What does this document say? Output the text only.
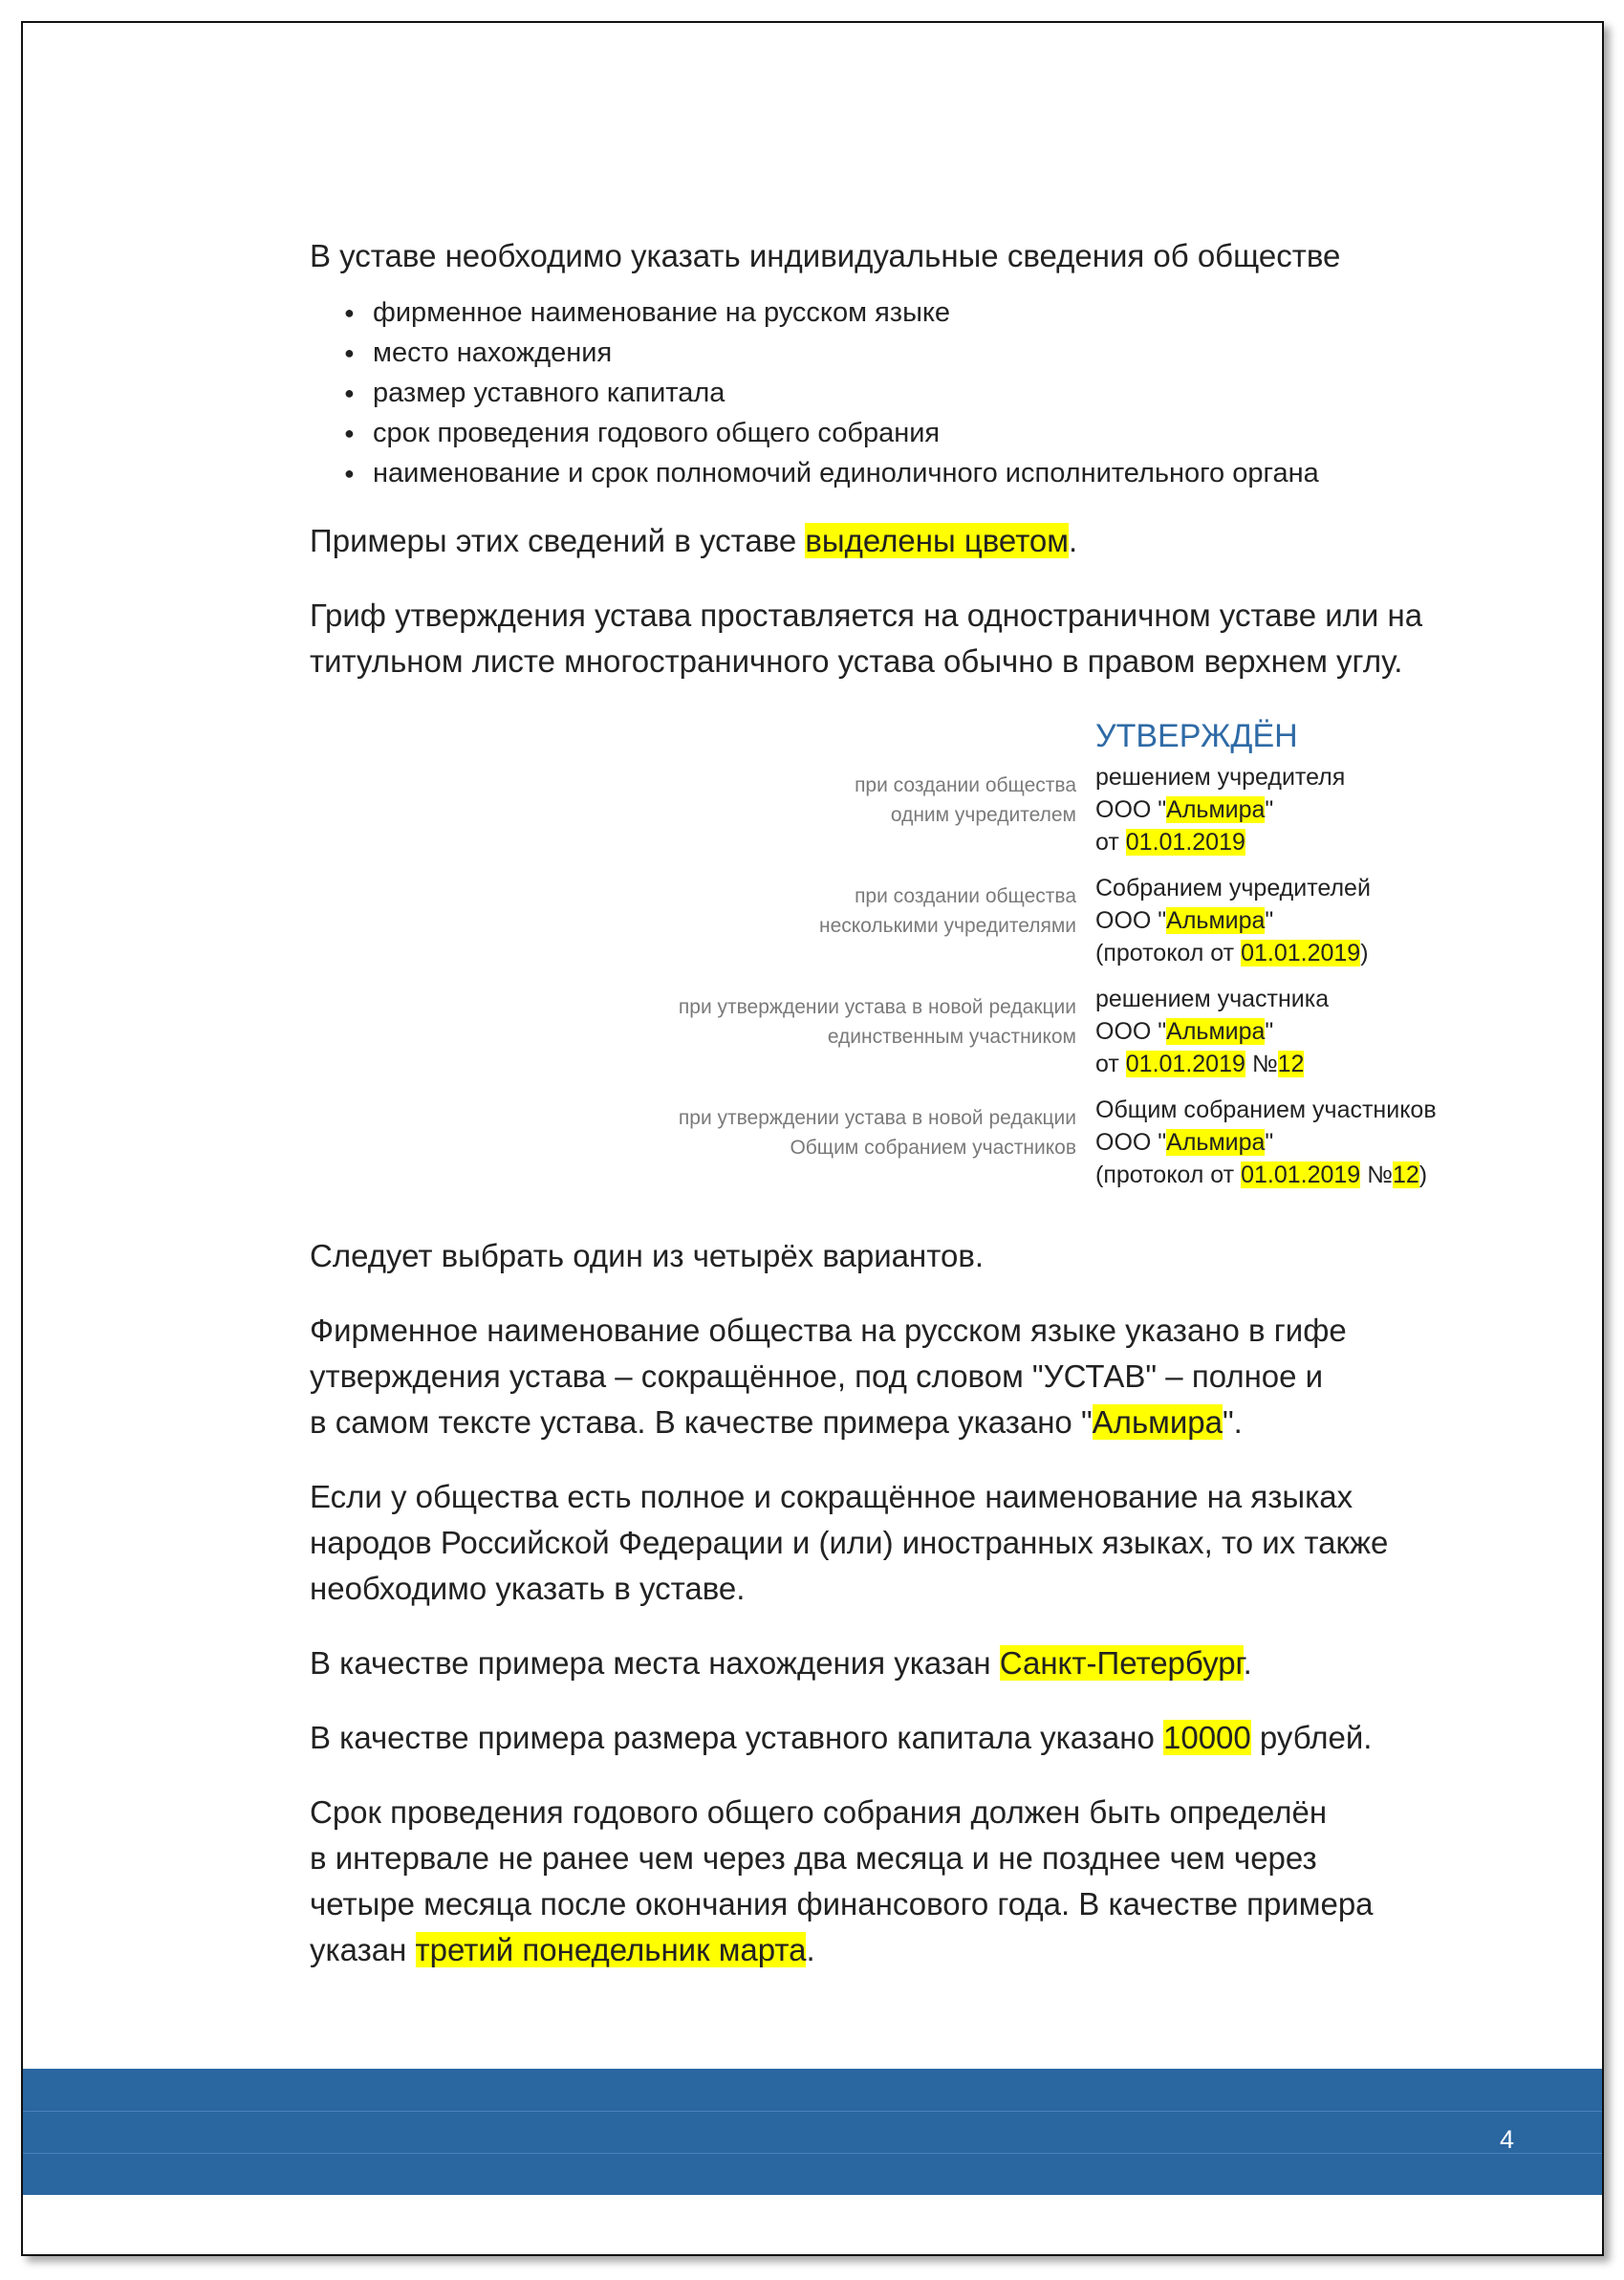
В уставе необходимо указать индивидуальные сведения об обществе

● фирменное наименование на русском языке
● место нахождения
● размер уставного капитала
● срок проведения годового общего собрания
● наименование и срок полномочий единоличного исполнительного органа

Примеры этих сведений в уставе выделены цветом.

Гриф утверждения устава проставляется на одностраничном уставе или на титульном листе многостраничного устава обычно в правом верхнем углу.

УТВЕРЖДЁН
при создании общества
одним учредителем
решением учредителя
ООО "Альмира"
от 01.01.2019
при создании общества
несколькими учредителями
Собранием учредителей
ООО "Альмира"
(протокол от 01.01.2019)
при утверждении устава в новой редакции
единственным участником
решением участника
ООО "Альмира"
от 01.01.2019 №12
при утверждении устава в новой редакции
Общим собранием участников
Общим собранием участников
ООО "Альмира"
(протокол от 01.01.2019 №12)

Следует выбрать один из четырёх вариантов.

Фирменное наименование общества на русском языке указано в гифе
утверждения устава – сокращённое, под словом "УСТАВ" – полное и
в самом тексте устава. В качестве примера указано "Альмира".

Если у общества есть полное и сокращённое наименование на языках
народов Российской Федерации и (или) иностранных языках, то их также
необходимо указать в уставе.

В качестве примера места нахождения указан Санкт-Петербург.

В качестве примера размера уставного капитала указано 10000 рублей.

Срок проведения годового общего собрания должен быть определён
в интервале не ранее чем через два месяца и не позднее чем через
четыре месяца после окончания финансового года. В качестве примера
указан третий понедельник марта.

4
